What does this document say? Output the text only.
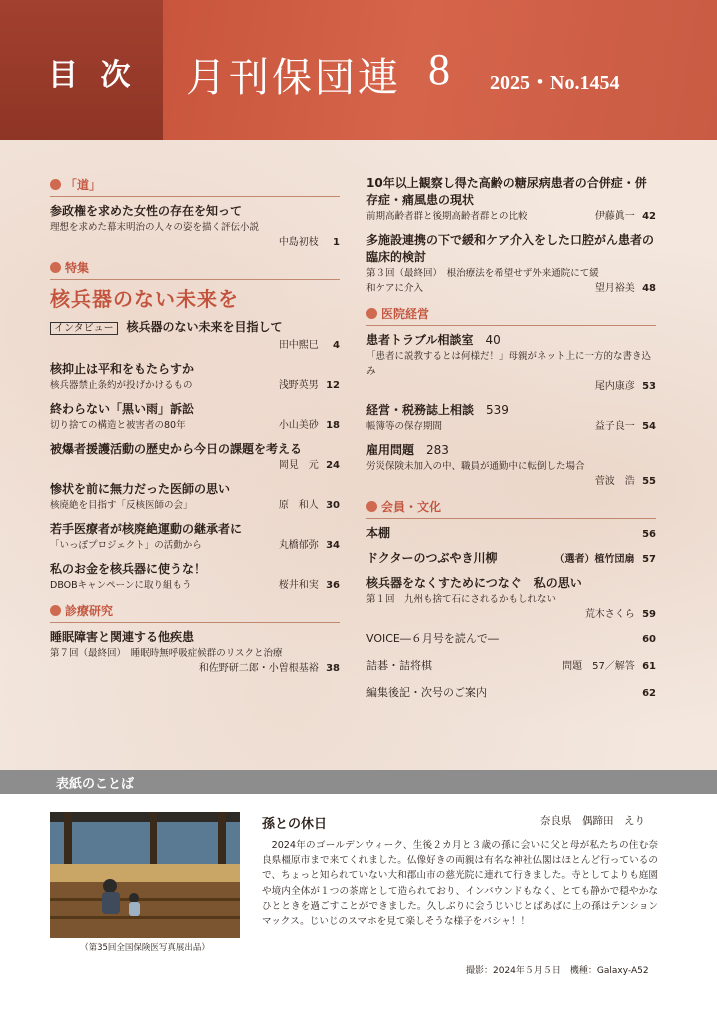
目 次 月刊保団連 8 2025・No.1454
「道」
参政権を求めた女性の存在を知って
理想を求めた幕末明治の人々の姿を描く評伝小説
中島初枝 1
特集
核兵器のない未来を
インタビュー 核兵器のない未来を目指して
田中熙巳 4
核抑止は平和をもたらすか
核兵器禁止条約が投げかけるもの	浅野英男 12
終わらない「黒い雨」訴訟
切り捨ての構造と被害者の80年	小山美砂 18
被爆者援護活動の歴史から今日の課題を考える
岡見　元 24
惨状を前に無力だった医師の思い
核廃絶を目指す「反核医師の会」	原　和人 30
若手医療者が核廃絶運動の継承者に
「いっぽプロジェクト」の活動から	丸橋郁弥 34
私のお金を核兵器に使うな！
DBOBキャンペーンに取り組もう	桜井和実 36
診療研究
睡眠障害と関連する他疾患
第７回（最終回）　睡眠時無呼吸症候群のリスクと治療
和佐野研二郎・小曽根基裕 38
10年以上観察し得た高齢の糖尿病患者の合併症・併存症・痛風患の現状
前期高齢者群と後期高齢者群との比較	伊藤眞一 42
多施設連携の下で緩和ケア介入をした口腔がん患者の臨床的検討
第３回（最終回）　根治療法を希望せず外来通院にて緩
和ケアに介入	望月裕美 48
医院経営
患者トラブル相談室　 40
「患者に説教するとは何様だ！」母親がネット上に一方的な書き込み
尾内康彦 53
経営・税務誌上相談　 539
帳簿等の保存期間	益子良一 54
雇用問題　 283
労災保険未加入の中、職員が通勤中に転倒した場合
菅波　浩 55
会員・文化
本棚	56
ドクターのつぶやき川柳	（選者）植竹団扇 57
核兵器をなくすためにつなぐ　私の思い
第１回　九州も捨て石にされるかもしれない
荒木さくら 59
VOICE―６月号を読んで―	60
詰碁・詰将棋	問題　57／解答 61
編集後記・次号のご案内	62
表紙のことば
（第35回全国保険医写真展出品）
孫との休日	奈良県　偶蹄田　えり
2024年のゴールデンウィーク、生後２カ月と３歳の孫に会いに父と母が私たちの住む奈良県橿原市まで来てくれました。仏像好きの両親は有名な神社仏閣はほとんど行っているので、ちょっと知られていない大和郡山市の慈光院に連れて行きました。寺としてよりも庭園や境内全体が１つの茶席として造られており、インバウンドもなく、とても静かで穏やかなひとときを過ごすことができました。久しぶりに会うじいじとばあばに上の孫はテンションマックス。じいじのスマホを見て楽しそうな様子をパシャ！！
撮影：2024年５月５日　機種：Galaxy-A52
